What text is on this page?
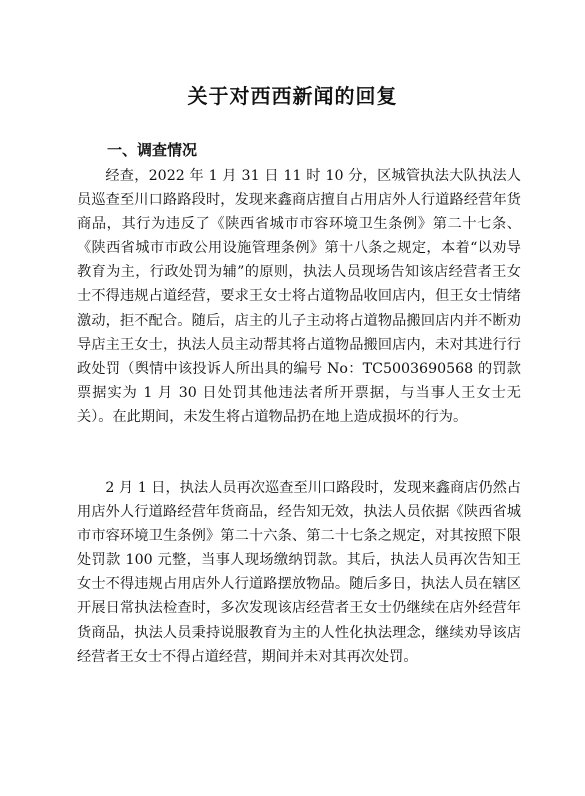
关于对西西新闻的回复
一、调查情况

经查，2022 年 1 月 31 日 11 时 10 分，区城管执法大队执法人员巡查至川口路路段时，发现来鑫商店擅自占用店外人行道路经营年货商品，其行为违反了《陕西省城市市容环境卫生条例》第二十七条、《陕西省城市市政公用设施管理条例》第十八条之规定，本着“以劝导教育为主，行政处罚为辅”的原则，执法人员现场告知该店经营者王女士不得违规占道经营，要求王女士将占道物品收回店内，但王女士情绪激动，拒不配合。随后，店主的儿子主动将占道物品搬回店内并不断劝导店主王女士，执法人员主动帮其将占道物品搬回店内，未对其进行行政处罚（舆情中该投诉人所出具的编号 No：TC5003690568 的罚款票据实为 1 月 30 日处罚其他违法者所开票据，与当事人王女士无关）。在此期间，未发生将占道物品扔在地上造成损坏的行为。

2 月 1 日，执法人员再次巡查至川口路段时，发现来鑫商店仍然占用店外人行道路经营年货商品，经告知无效，执法人员依据《陕西省城市市容环境卫生条例》第二十六条、第二十七条之规定，对其按照下限处罚款 100 元整，当事人现场缴纳罚款。其后，执法人员再次告知王女士不得违规占用店外人行道路摆放物品。随后多日，执法人员在辖区开展日常执法检查时，多次发现该店经营者王女士仍继续在店外经营年货商品，执法人员秉持说服教育为主的人性化执法理念，继续劝导该店经营者王女士不得占道经营，期间并未对其再次处罚。
